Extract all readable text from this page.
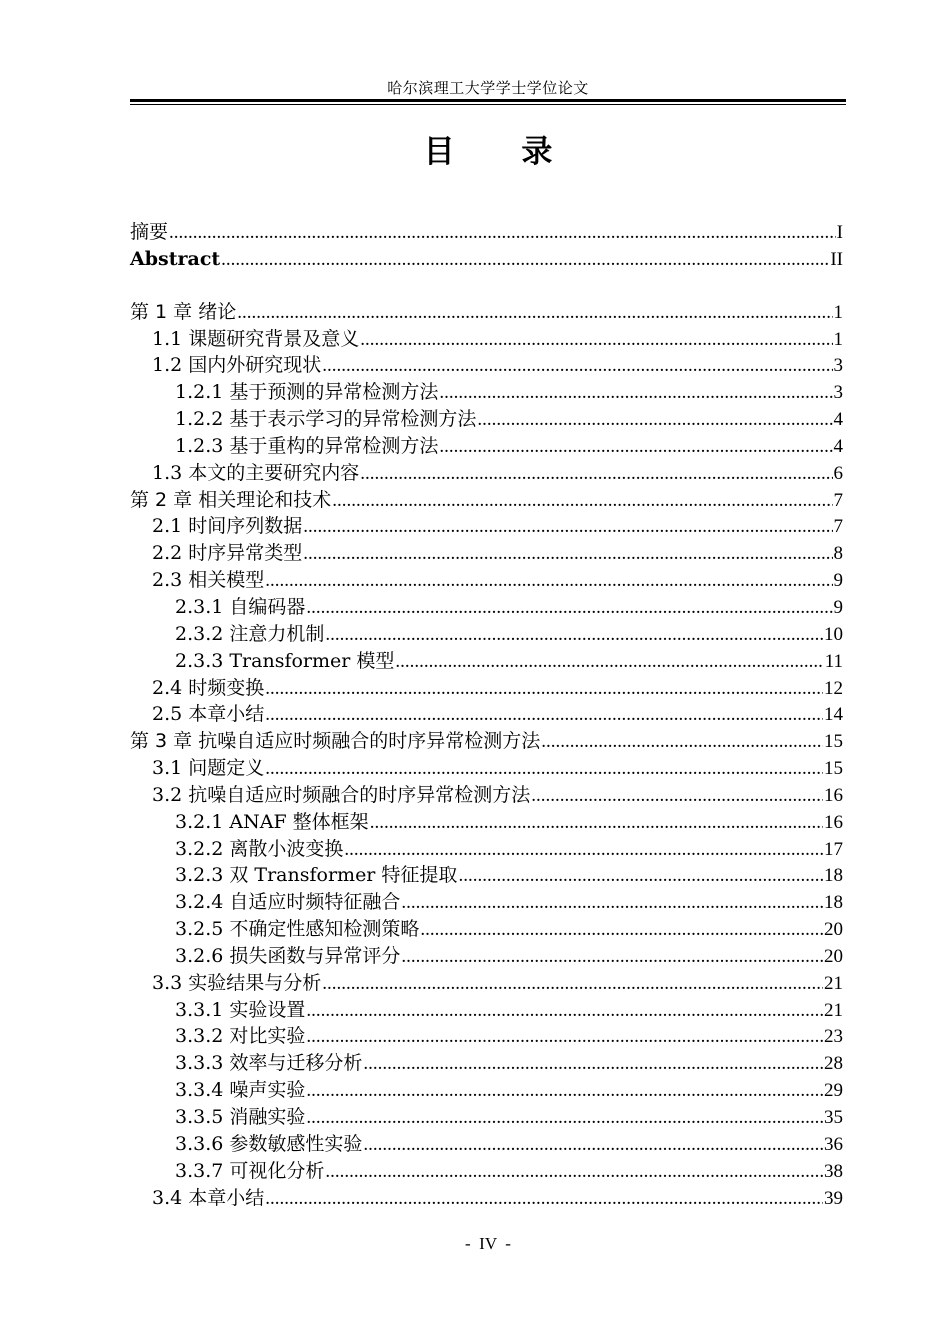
哈尔滨理工大学学士学位论文
目 录
摘要 .....	I
Abstract .....	II
第 1 章 绪论 .....	1
1.1 课题研究背景及意义 .....	1
1.2 国内外研究现状 .....	3
1.2.1 基于预测的异常检测方法 .....	3
1.2.2 基于表示学习的异常检测方法 .....	4
1.2.3 基于重构的异常检测方法 .....	4
1.3 本文的主要研究内容 .....	6
第 2 章 相关理论和技术 .....	7
2.1 时间序列数据 .....	7
2.2 时序异常类型 .....	8
2.3 相关模型 .....	9
2.3.1 自编码器 .....	9
2.3.2 注意力机制 .....	10
2.3.3 Transformer 模型 .....	11
2.4 时频变换 .....	12
2.5 本章小结 .....	14
第 3 章 抗噪自适应时频融合的时序异常检测方法 .....	15
3.1 问题定义 .....	15
3.2 抗噪自适应时频融合的时序异常检测方法 .....	16
3.2.1 ANAF 整体框架 .....	16
3.2.2 离散小波变换 .....	17
3.2.3 双 Transformer 特征提取 .....	18
3.2.4 自适应时频特征融合 .....	18
3.2.5 不确定性感知检测策略 .....	20
3.2.6 损失函数与异常评分 .....	20
3.3 实验结果与分析 .....	21
3.3.1 实验设置 .....	21
3.3.2 对比实验 .....	23
3.3.3 效率与迁移分析 .....	28
3.3.4 噪声实验 .....	29
3.3.5 消融实验 .....	35
3.3.6 参数敏感性实验 .....	36
3.3.7 可视化分析 .....	38
3.4 本章小结 .....	39
-  IV  -
